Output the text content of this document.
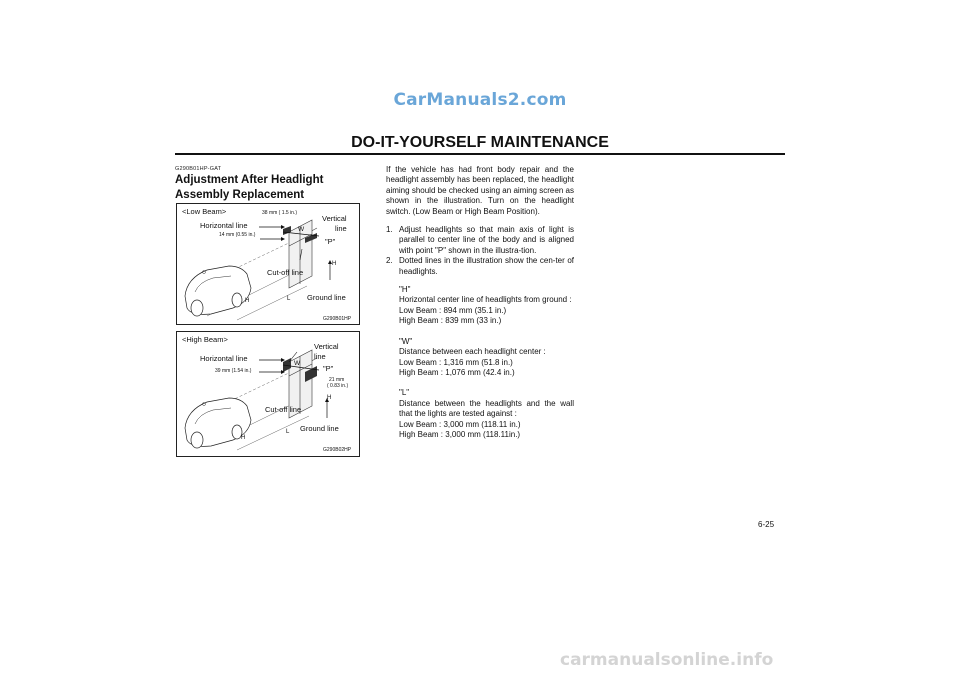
CarManuals2.com
DO-IT-YOURSELF MAINTENANCE
G290B01HP-GAT
Adjustment After Headlight Assembly Replacement
<Low Beam>	38 mm ( 1.5 in.)
Horizontal line
14 mm (0.55 in.)
Vertical
line
"P"
W
H
Cut-off line
H	L Ground line
G290B01HP
<High Beam>
Vertical
line
Horizontal line
39 mm (1.54 in.)
W
"P"
21 mm
( 0.83 in.)
H
Cut-off line
L Ground line
H
G290B02HP

If the vehicle has had front body repair and the headlight assembly has been replaced, the headlight aiming should be checked using an aiming screen as shown in the illustration. Turn on the headlight switch. (Low Beam or High Beam Position).

1. Adjust headlights so that main axis of light is parallel to center line of the body and is aligned with point "P" shown in the illustra-tion.
2. Dotted lines in the illustration show the cen-ter of headlights.
"H"
Horizontal center line of headlights from ground :
Low Beam : 894 mm (35.1 in.)
High Beam : 839 mm (33 in.)
"W"
Distance between each headlight center :
Low Beam : 1,316 mm (51.8 in.)
High Beam : 1,076 mm (42.4 in.)
"L"
Distance between the headlights and the wall that the lights are tested against :
Low Beam : 3,000 mm (118.11 in.)
High Beam : 3,000 mm (118.11in.)
6-25
carmanualsonline.info
